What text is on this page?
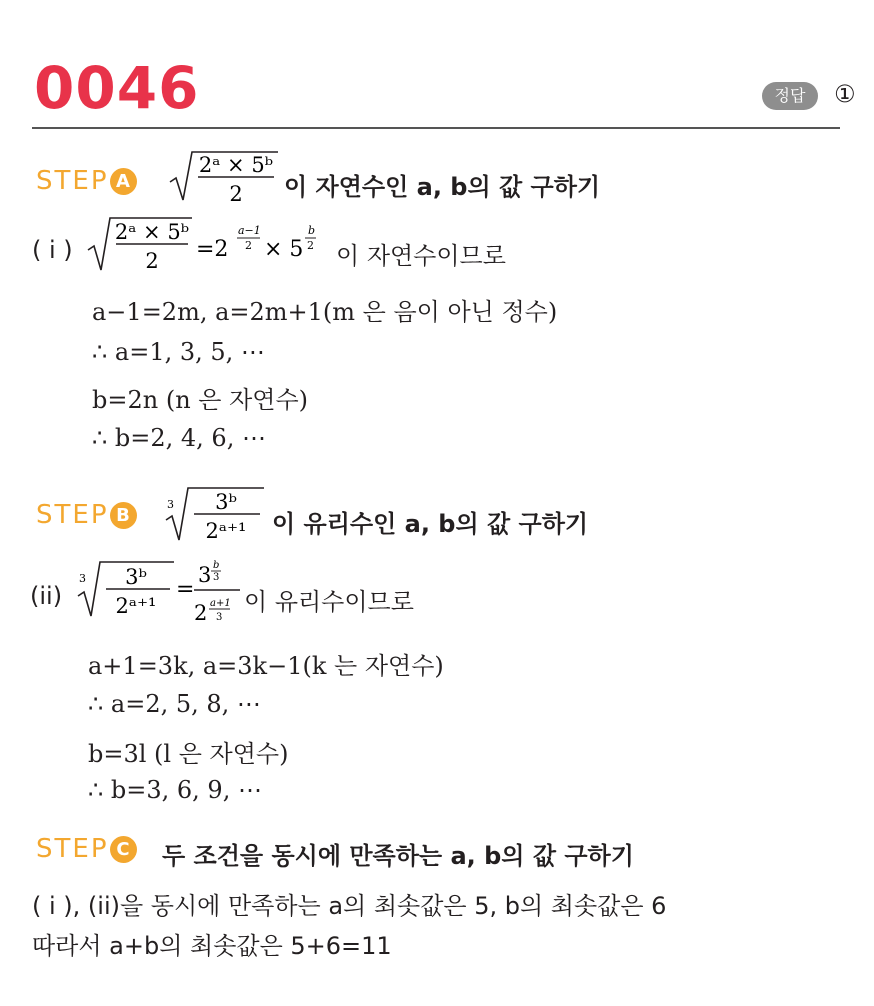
0046	정답	①
STEP A
2ᵃ × 5ᵇ
2 이 자연수인 a, b의 값 구하기
( i )
2ᵃ × 5ᵇ
2 =2
a−1
2 × 5
b
2 이 자연수이므로
a−1=2m, a=2m+1(m 은 음이 아닌 정수)
∴ a=1, 3, 5, ⋯
b=2n (n 은 자연수)
∴ b=2, 4, 6, ⋯
STEP B
3 3ᵇ
2ᵃ⁺¹ 이 유리수인 a, b의 값 구하기
(ii)
3 3ᵇ
2ᵃ⁺¹
=
3 b
3
2 a+1
3
이 유리수이므로
a+1=3k, a=3k−1(k 는 자연수)
∴ a=2, 5, 8, ⋯
b=3l (l 은 자연수)
∴ b=3, 6, 9, ⋯
STEP C 두 조건을 동시에 만족하는 a, b의 값 구하기
( i ), (ii)을 동시에 만족하는 a의 최솟값은 5, b의 최솟값은 6
따라서 a+b의 최솟값은 5+6=11
